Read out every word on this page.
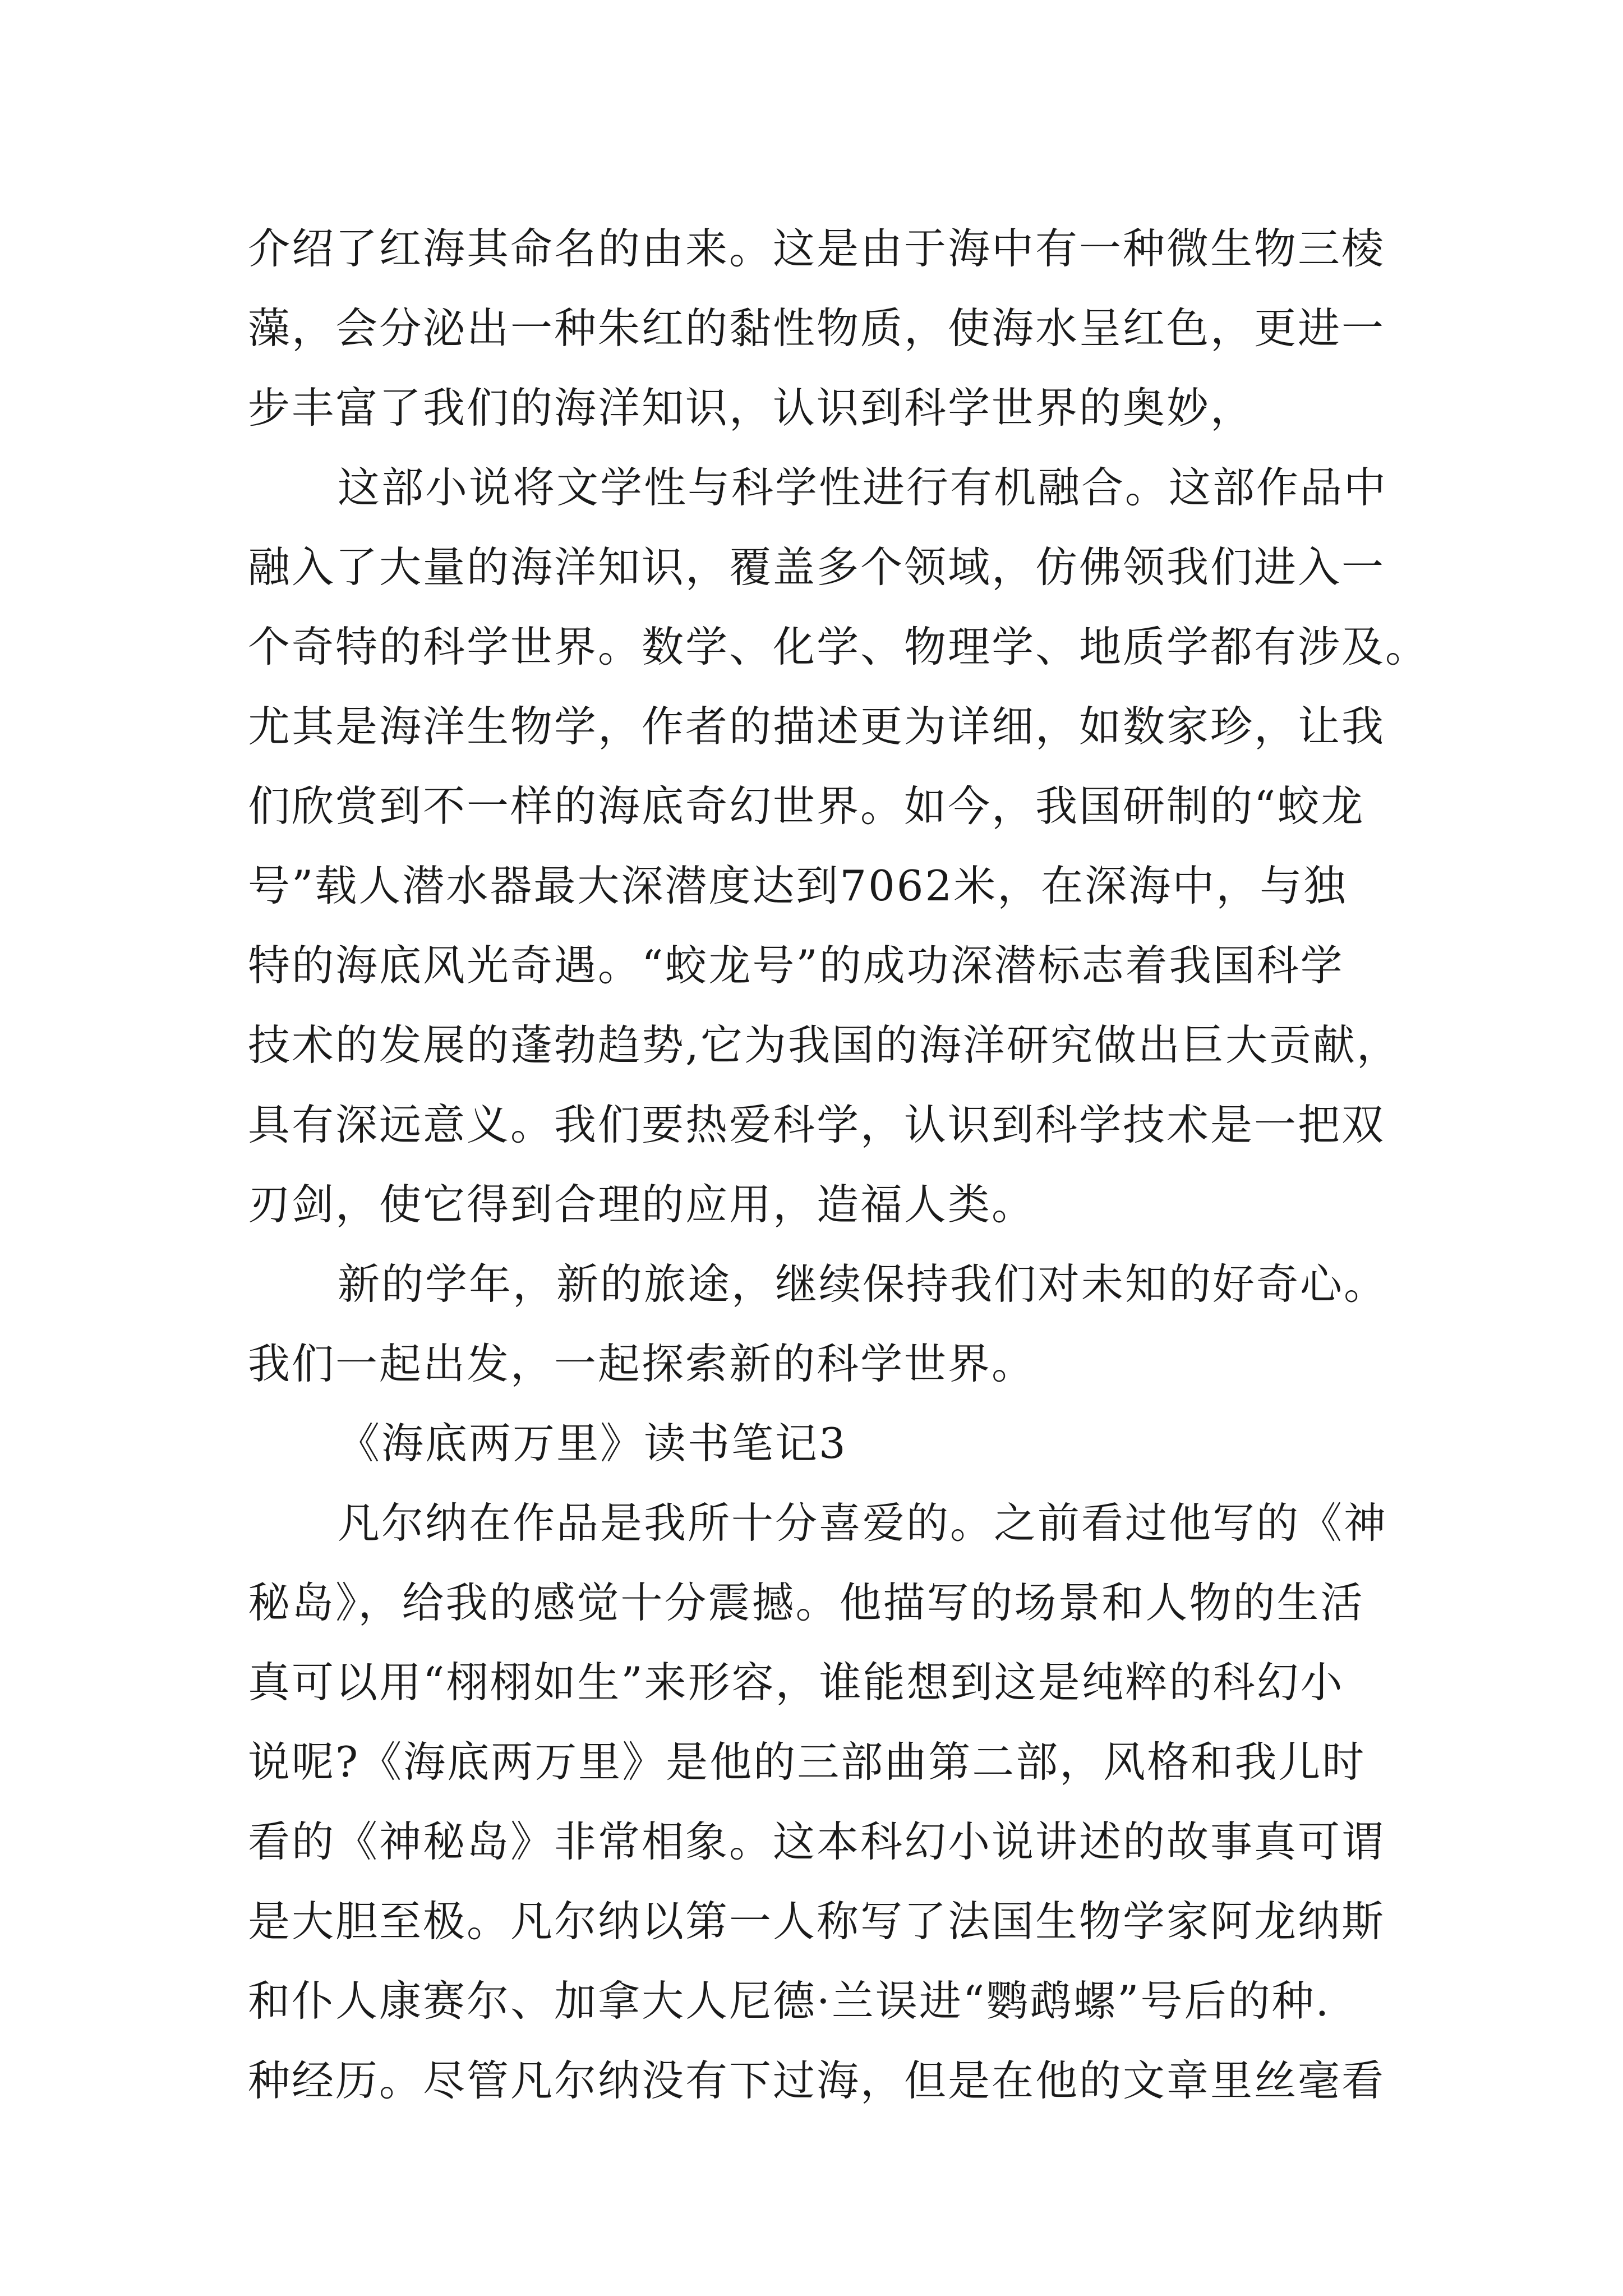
介绍了红海其命名的由来。这是由于海中有一种微生物三棱
藻，会分泌出一种朱红的黏性物质，使海水呈红色，更进一
步丰富了我们的海洋知识，认识到科学世界的奥妙，
这部小说将文学性与科学性进行有机融合。这部作品中
融入了大量的海洋知识，覆盖多个领域，仿佛领我们进入一
个奇特的科学世界。数学、化学、物理学、地质学都有涉及。
尤其是海洋生物学，作者的描述更为详细，如数家珍，让我
们欣赏到不一样的海底奇幻世界。如今，我国研制的“蛟龙
号”载人潜水器最大深潜度达到7062米，在深海中，与独
特的海底风光奇遇。“蛟龙号”的成功深潜标志着我国科学
技术的发展的蓬勃趋势,它为我国的海洋研究做出巨大贡献，
具有深远意义。我们要热爱科学，认识到科学技术是一把双
刃剑，使它得到合理的应用，造福人类。
新的学年，新的旅途，继续保持我们对未知的好奇心。
我们一起出发，一起探索新的科学世界。
《海底两万里》读书笔记3
凡尔纳在作品是我所十分喜爱的。之前看过他写的《神
秘岛》，给我的感觉十分震撼。他描写的场景和人物的生活
真可以用“栩栩如生”来形容，谁能想到这是纯粹的科幻小
说呢?《海底两万里》是他的三部曲第二部，风格和我儿时
看的《神秘岛》非常相象。这本科幻小说讲述的故事真可谓
是大胆至极。凡尔纳以第一人称写了法国生物学家阿龙纳斯
和仆人康赛尔、加拿大人尼德·兰误进“鹦鹉螺”号后的种.
种经历。尽管凡尔纳没有下过海，但是在他的文章里丝毫看
